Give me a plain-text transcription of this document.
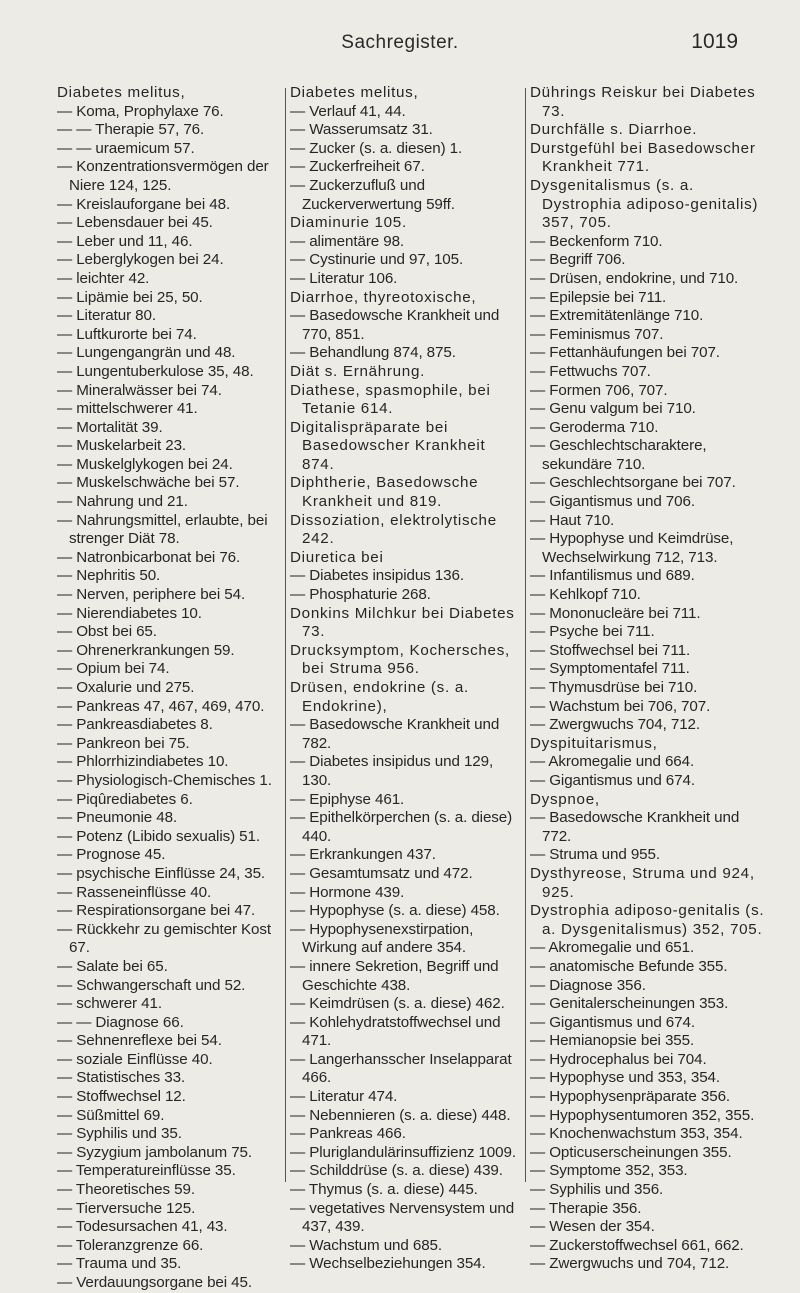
Sachregister.	1019
Diabetes melitus,
— Koma, Prophylaxe 76.
— — Therapie 57, 76.
— — uraemicum 57.
— Konzentrationsvermögen der Niere 124, 125.
— Kreislauforgane bei 48.
— Lebensdauer bei 45.
— Leber und 11, 46.
— Leberglykogen bei 24.
— leichter 42.
— Lipämie bei 25, 50.
— Literatur 80.
— Luftkurorte bei 74.
— Lungengangrän und 48.
— Lungentuberkulose 35, 48.
— Mineralwässer bei 74.
— mittelschwerer 41.
— Mortalität 39.
— Muskelarbeit 23.
— Muskelglykogen bei 24.
— Muskelschwäche bei 57.
— Nahrung und 21.
— Nahrungsmittel, erlaubte, bei strenger Diät 78.
— Natronbicarbonat bei 76.
— Nephritis 50.
— Nerven, periphere bei 54.
— Nierendiabetes 10.
— Obst bei 65.
— Ohrenerkrankungen 59.
— Opium bei 74.
— Oxalurie und 275.
— Pankreas 47, 467, 469, 470.
— Pankreasdiabetes 8.
— Pankreon bei 75.
— Phlorrhizindiabetes 10.
— Physiologisch-Chemisches 1.
— Piqûrediabetes 6.
— Pneumonie 48.
— Potenz (Libido sexualis) 51.
— Prognose 45.
— psychische Einflüsse 24, 35.
— Rasseneinflüsse 40.
— Respirationsorgane bei 47.
— Rückkehr zu gemischter Kost 67.
— Salate bei 65.
— Schwangerschaft und 52.
— schwerer 41.
— — Diagnose 66.
— Sehnenreflexe bei 54.
— soziale Einflüsse 40.
— Statistisches 33.
— Stoffwechsel 12.
— Süßmittel 69.
— Syphilis und 35.
— Syzygium jambolanum 75.
— Temperatureinflüsse 35.
— Theoretisches 59.
— Tierversuche 125.
— Todesursachen 41, 43.
— Toleranzgrenze 66.
— Trauma und 35.
— Verdauungsorgane bei 45.
Diabetes melitus,
— Verlauf 41, 44.
— Wasserumsatz 31.
— Zucker (s. a. diesen) 1.
— Zuckerfreiheit 67.
— Zuckerzufluß und Zuckerverwertung 59ff.
Diaminurie 105.
— alimentäre 98.
— Cystinurie und 97, 105.
— Literatur 106.
Diarrhoe, thyreotoxische,
— Basedowsche Krankheit und 770, 851.
— Behandlung 874, 875.
Diät s. Ernährung.
Diathese, spasmophile, bei Tetanie 614.
Digitalispräparate bei Basedowscher Krankheit 874.
Diphtherie, Basedowsche Krankheit und 819.
Dissoziation, elektrolytische 242.
Diuretica bei
— Diabetes insipidus 136.
— Phosphaturie 268.
Donkins Milchkur bei Diabetes 73.
Drucksymptom, Kochersches, bei Struma 956.
Drüsen, endokrine (s. a. Endokrine),
— Basedowsche Krankheit und 782.
— Diabetes insipidus und 129, 130.
— Epiphyse 461.
— Epithelkörperchen (s. a. diese) 440.
— Erkrankungen 437.
— Gesamtumsatz und 472.
— Hormone 439.
— Hypophyse (s. a. diese) 458.
— Hypophysenexstirpation, Wirkung auf andere 354.
— innere Sekretion, Begriff und Geschichte 438.
— Keimdrüsen (s. a. diese) 462.
— Kohlehydratstoffwechsel und 471.
— Langerhansscher Inselapparat 466.
— Literatur 474.
— Nebennieren (s. a. diese) 448.
— Pankreas 466.
— Pluriglandulärinsuffizienz 1009.
— Schilddrüse (s. a. diese) 439.
— Thymus (s. a. diese) 445.
— vegetatives Nervensystem und 437, 439.
— Wachstum und 685.
— Wechselbeziehungen 354.
Dührings Reiskur bei Diabetes 73.
Durchfälle s. Diarrhoe.
Durstgefühl bei Basedowscher Krankheit 771.
Dysgenitalismus (s. a. Dystrophia adiposo-genitalis) 357, 705.
— Beckenform 710.
— Begriff 706.
— Drüsen, endokrine, und 710.
— Epilepsie bei 711.
— Extremitätenlänge 710.
— Feminismus 707.
— Fettanhäufungen bei 707.
— Fettwuchs 707.
— Formen 706, 707.
— Genu valgum bei 710.
— Geroderma 710.
— Geschlechtscharaktere, sekundäre 710.
— Geschlechtsorgane bei 707.
— Gigantismus und 706.
— Haut 710.
— Hypophyse und Keimdrüse, Wechselwirkung 712, 713.
— Infantilismus und 689.
— Kehlkopf 710.
— Mononucleäre bei 711.
— Psyche bei 711.
— Stoffwechsel bei 711.
— Symptomentafel 711.
— Thymusdrüse bei 710.
— Wachstum bei 706, 707.
— Zwergwuchs 704, 712.
Dyspituitarismus,
— Akromegalie und 664.
— Gigantismus und 674.
Dyspnoe,
— Basedowsche Krankheit und 772.
— Struma und 955.
Dysthyreose, Struma und 924, 925.
Dystrophia adiposo-genitalis (s. a. Dysgenitalismus) 352, 705.
— Akromegalie und 651.
— anatomische Befunde 355.
— Diagnose 356.
— Genitalerscheinungen 353.
— Gigantismus und 674.
— Hemianopsie bei 355.
— Hydrocephalus bei 704.
— Hypophyse und 353, 354.
— Hypophysenpräparate 356.
— Hypophysentumoren 352, 355.
— Knochenwachstum 353, 354.
— Opticuserscheinungen 355.
— Symptome 352, 353.
— Syphilis und 356.
— Therapie 356.
— Wesen der 354.
— Zuckerstoffwechsel 661, 662.
— Zwergwuchs und 704, 712.
